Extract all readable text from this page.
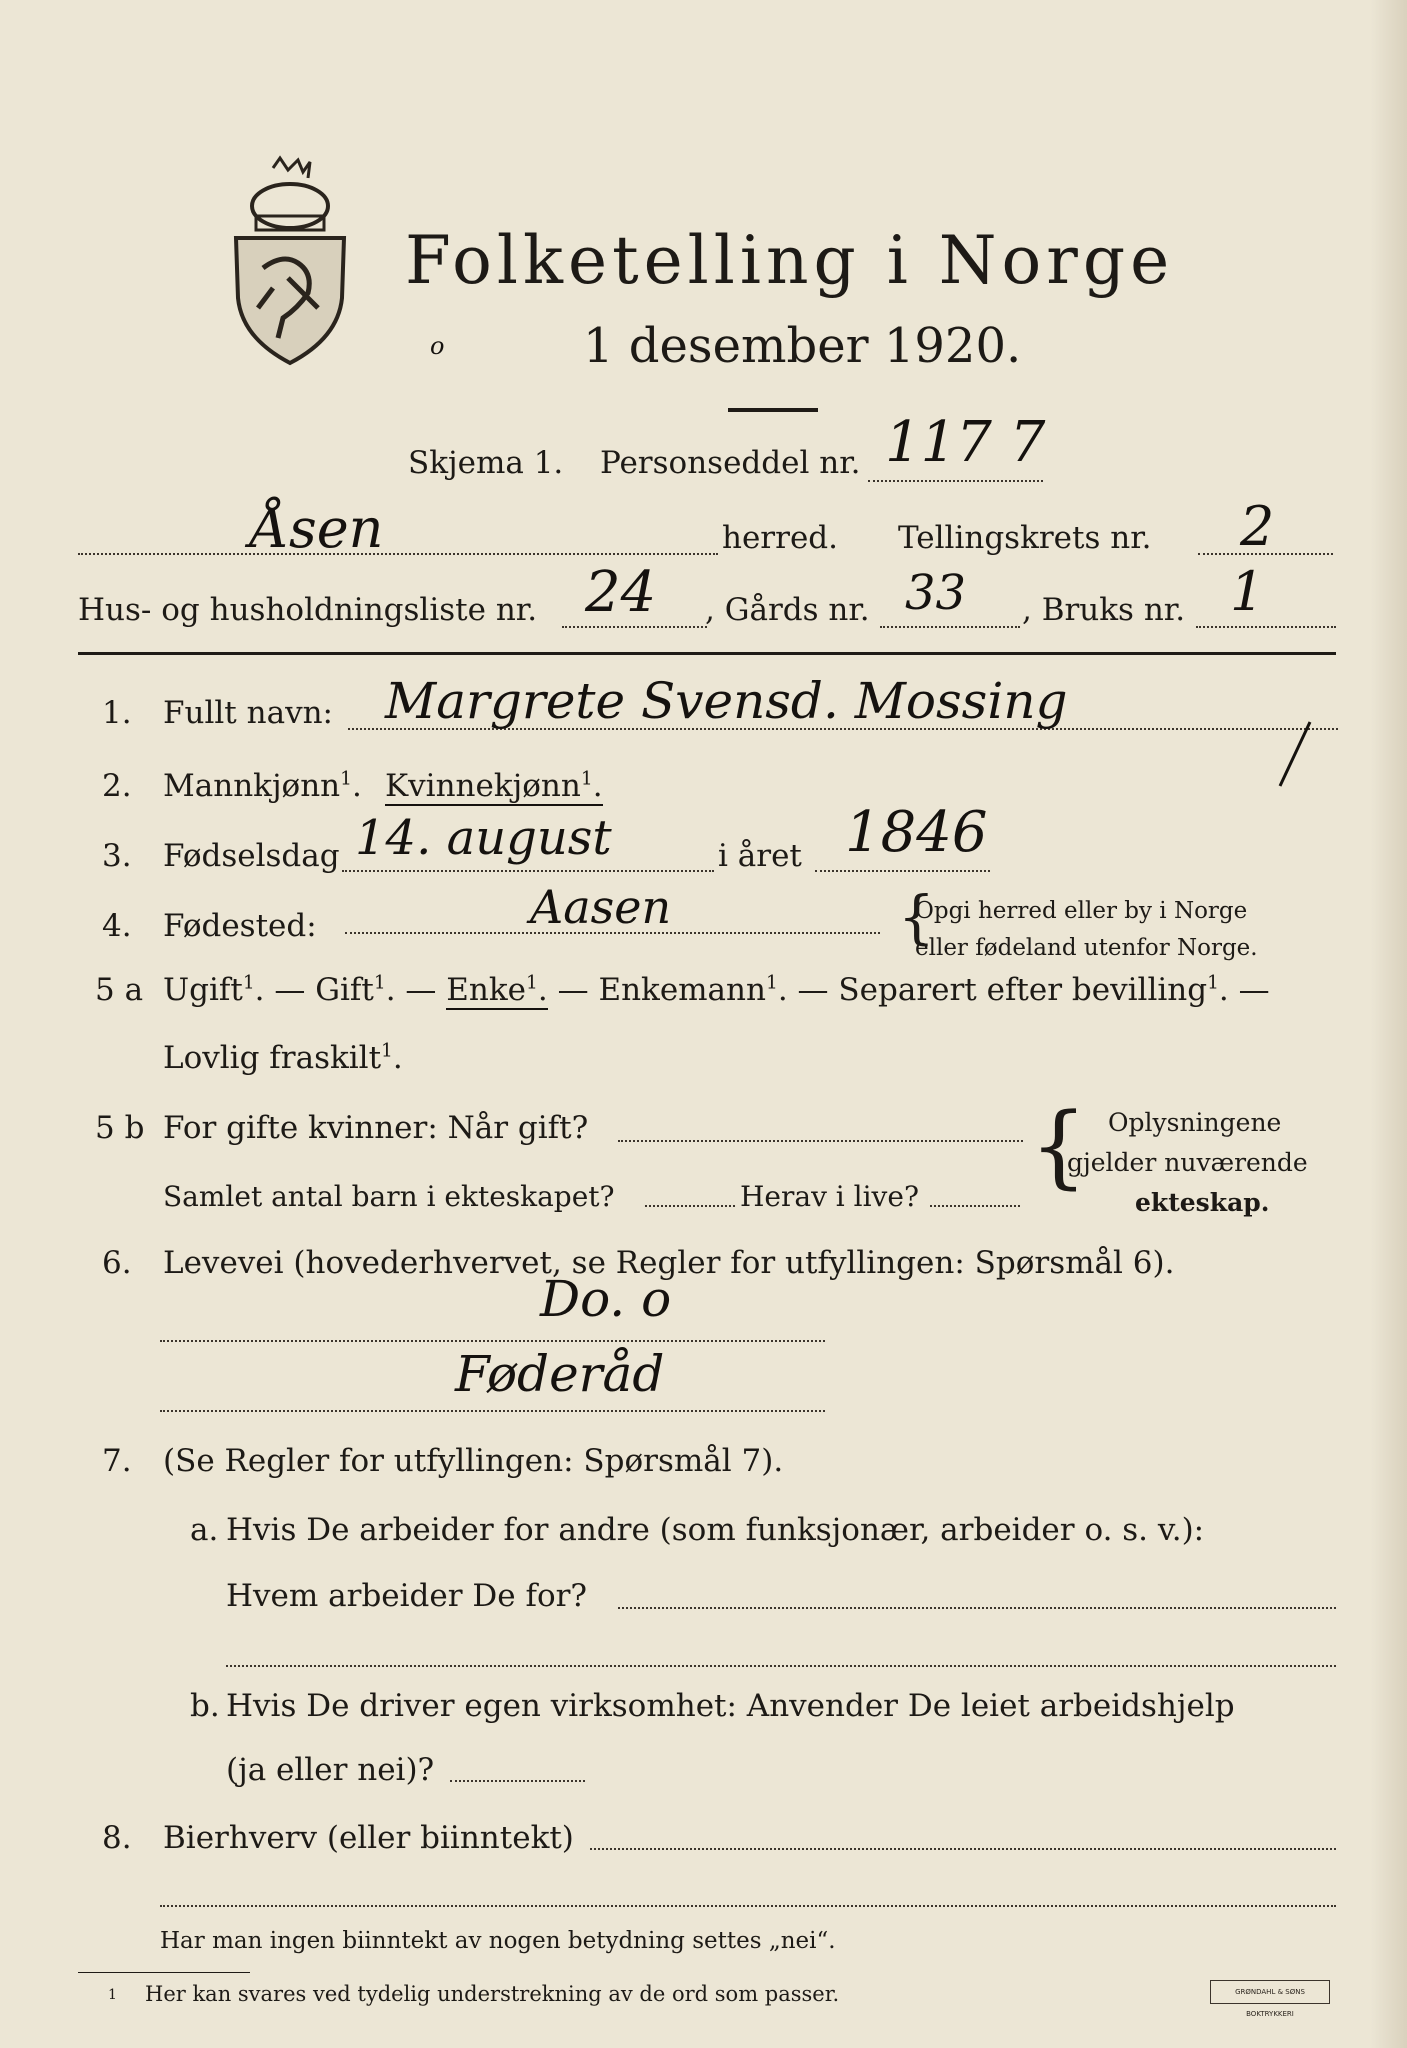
Folketelling i Norge
o	1 desember 1920.
Skjema 1. Personseddel nr. 117 7
Åsen	herred. Tellingskrets nr. 2
Hus- og husholdningsliste nr. 24 , Gårds nr. 33 , Bruks nr. 1
1. Fullt navn: Margrete Svensd. Mossing
2. Mannkjønn$^1$. Kvinnekjønn$^1$.
3. Fødselsdag 14. august	i året 1846
4. Fødested:	Aasen	{
Opgi herred eller by i Norge
eller fødeland utenfor Norge.
5 a Ugift$^1$. — Gift$^1$. — Enke$^1$. — Enkemann$^1$. — Separert efter bevilling$^1$. —
Lovlig fraskilt$^1$.
5 b For gifte kvinner: Når gift?
Samlet antal barn i ekteskapet?	Herav i live? { Oplysningene
gjelder nuværende
ekteskap.
6. Levevei (hovederhvervet, se Regler for utfyllingen: Spørsmål 6).
Do. o
Føderåd
7. (Se Regler for utfyllingen: Spørsmål 7).
a. Hvis De arbeider for andre (som funksjonær, arbeider o. s. v.):
Hvem arbeider De for?
b. Hvis De driver egen virksomhet: Anvender De leiet arbeidshjelp
(ja eller nei)?
8. Bierhverv (eller biinntekt)
Har man ingen biinntekt av nogen betydning settes „nei“.
1 Her kan svares ved tydelig understrekning av de ord som passer.	GRØNDAHL & SØNS BOKTRYKKERI
